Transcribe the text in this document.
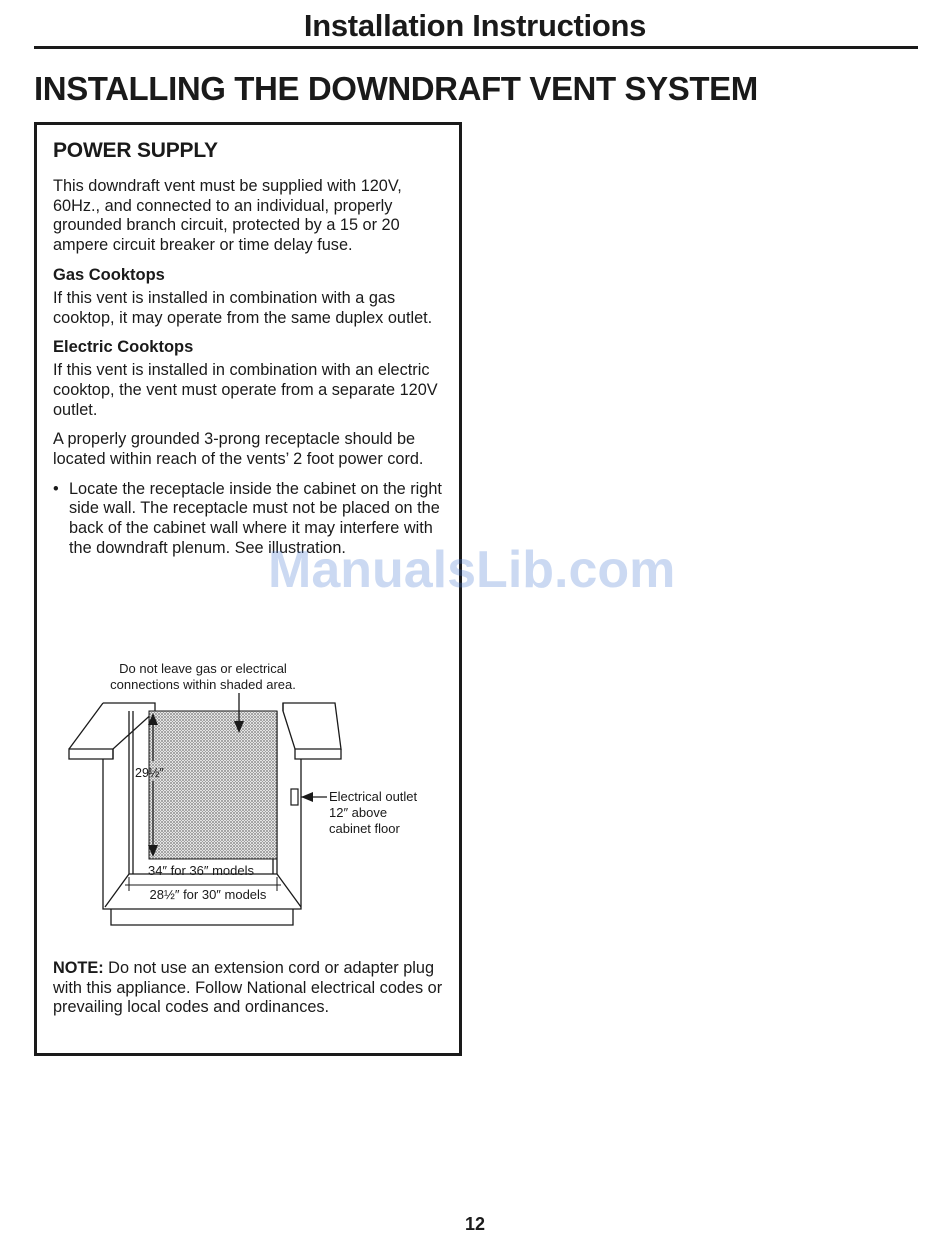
Installation Instructions
INSTALLING THE DOWNDRAFT VENT SYSTEM
POWER SUPPLY

This downdraft vent must be supplied with 120V, 60Hz., and connected to an individual, properly grounded branch circuit, protected by a 15 or 20 ampere circuit breaker or time delay fuse.

Gas Cooktops

If this vent is installed in combination with a gas cooktop, it may operate from the same duplex outlet.

Electric Cooktops

If this vent is installed in combination with an electric cooktop, the vent must operate from a separate 120V outlet.

A properly grounded 3-prong receptacle should be located within reach of the vents’ 2 foot power cord.

• Locate the receptacle inside the cabinet on the right side wall. The receptacle must not be placed on the back of the cabinet wall where it may interfere with the downdraft plenum. See illustration.
Do not leave gas or electrical
connections within shaded area.
29½″
Electrical outlet
12″ above
cabinet floor
34″ for 36″ models
28½″ for 30″ models

NOTE: Do not use an extension cord or adapter plug with this appliance. Follow National electrical codes or prevailing local codes and ordinances.

ManualsLib.com
12
